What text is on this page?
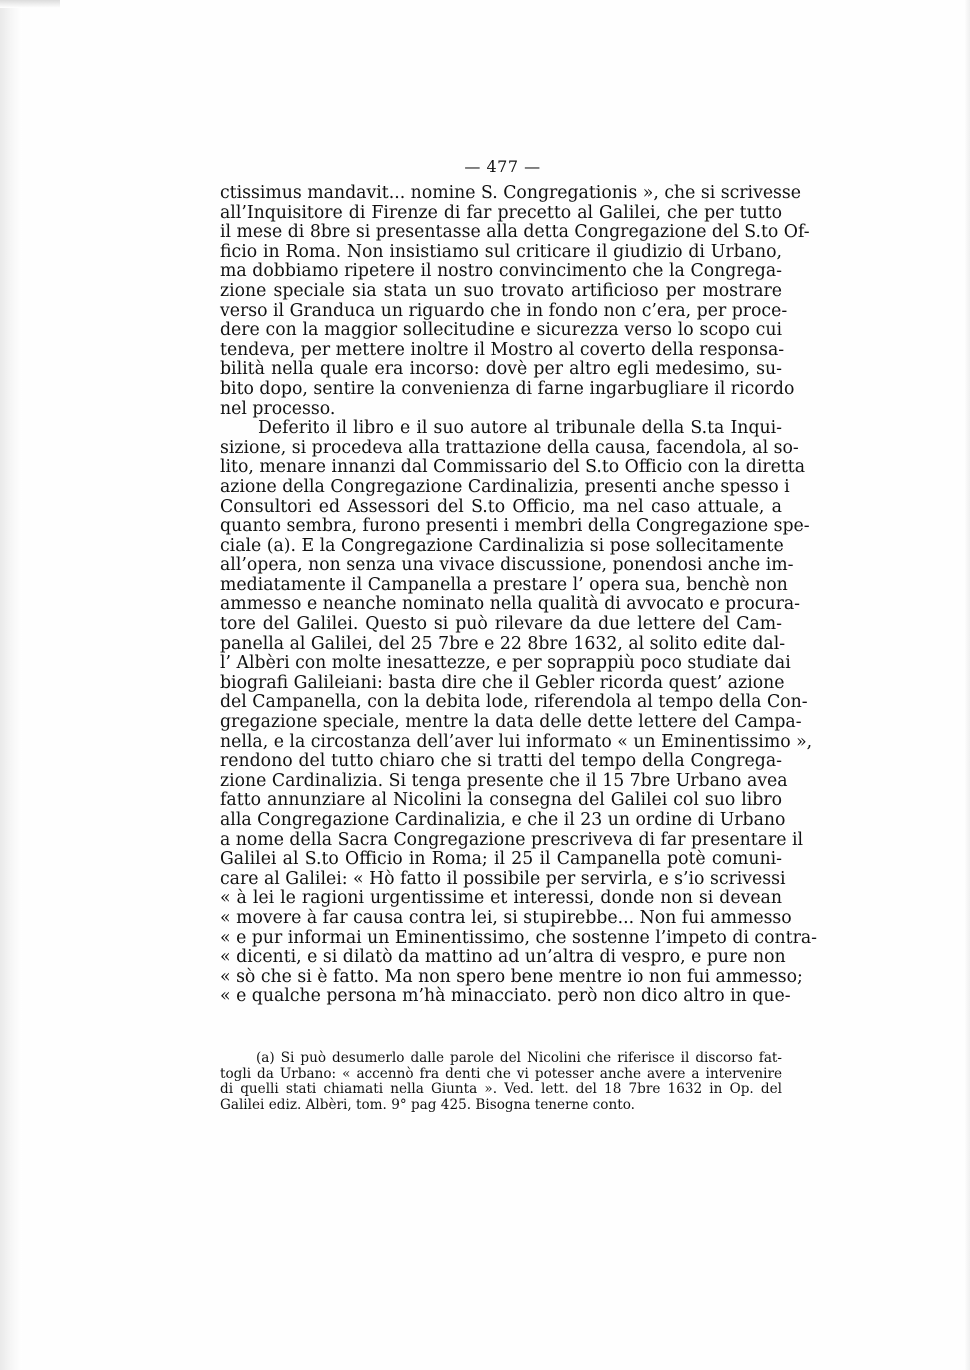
— 477 —
ctissimus mandavit... nomine S. Congregationis », che si scrivesse
all’Inquisitore di Firenze di far precetto al Galilei, che per tutto
il mese di 8bre si presentasse alla detta Congregazione del S.to Of-
ficio in Roma. Non insistiamo sul criticare il giudizio di Urbano,
ma dobbiamo ripetere il nostro convincimento che la Congrega-
zione speciale sia stata un suo trovato artificioso per mostrare
verso il Granduca un riguardo che in fondo non c’era, per proce-
dere con la maggior sollecitudine e sicurezza verso lo scopo cui
tendeva, per mettere inoltre il Mostro al coverto della responsa-
bilità nella quale era incorso: dovè per altro egli medesimo, su-
bito dopo, sentire la convenienza di farne ingarbugliare il ricordo
nel processo.
Deferito il libro e il suo autore al tribunale della S.ta Inqui-
sizione, si procedeva alla trattazione della causa, facendola, al so-
lito, menare innanzi dal Commissario del S.to Officio con la diretta
azione della Congregazione Cardinalizia, presenti anche spesso i
Consultori ed Assessori del S.to Officio, ma nel caso attuale, a
quanto sembra, furono presenti i membri della Congregazione spe-
ciale (a). E la Congregazione Cardinalizia si pose sollecitamente
all’opera, non senza una vivace discussione, ponendosi anche im-
mediatamente il Campanella a prestare l’ opera sua, benchè non
ammesso e neanche nominato nella qualità di avvocato e procura-
tore del Galilei. Questo si può rilevare da due lettere del Cam-
panella al Galilei, del 25 7bre e 22 8bre 1632, al solito edite dal-
l’ Albèri con molte inesattezze, e per soprappiù poco studiate dai
biografi Galileiani: basta dire che il Gebler ricorda quest’ azione
del Campanella, con la debita lode, riferendola al tempo della Con-
gregazione speciale, mentre la data delle dette lettere del Campa-
nella, e la circostanza dell’aver lui informato « un Eminentissimo »,
rendono del tutto chiaro che si tratti del tempo della Congrega-
zione Cardinalizia. Si tenga presente che il 15 7bre Urbano avea
fatto annunziare al Nicolini la consegna del Galilei col suo libro
alla Congregazione Cardinalizia, e che il 23 un ordine di Urbano
a nome della Sacra Congregazione prescriveva di far presentare il
Galilei al S.to Officio in Roma; il 25 il Campanella potè comuni-
care al Galilei: « Hò fatto il possibile per servirla, e s’io scrivessi
« à lei le ragioni urgentissime et interessi, donde non si devean
« movere à far causa contra lei, si stupirebbe... Non fui ammesso
« e pur informai un Eminentissimo, che sostenne l’impeto di contra-
« dicenti, e si dilatò da mattino ad un’altra di vespro, e pure non
« sò che si è fatto. Ma non spero bene mentre io non fui ammesso;
« e qualche persona m’hà minacciato. però non dico altro in que-
(a) Si può desumerlo dalle parole del Nicolini che riferisce il discorso fat-
togli da Urbano: « accennò fra denti che vi potesser anche avere a intervenire
di quelli stati chiamati nella Giunta ». Ved. lett. del 18 7bre 1632 in Op. del
Galilei ediz. Albèri, tom. 9° pag 425. Bisogna tenerne conto.
